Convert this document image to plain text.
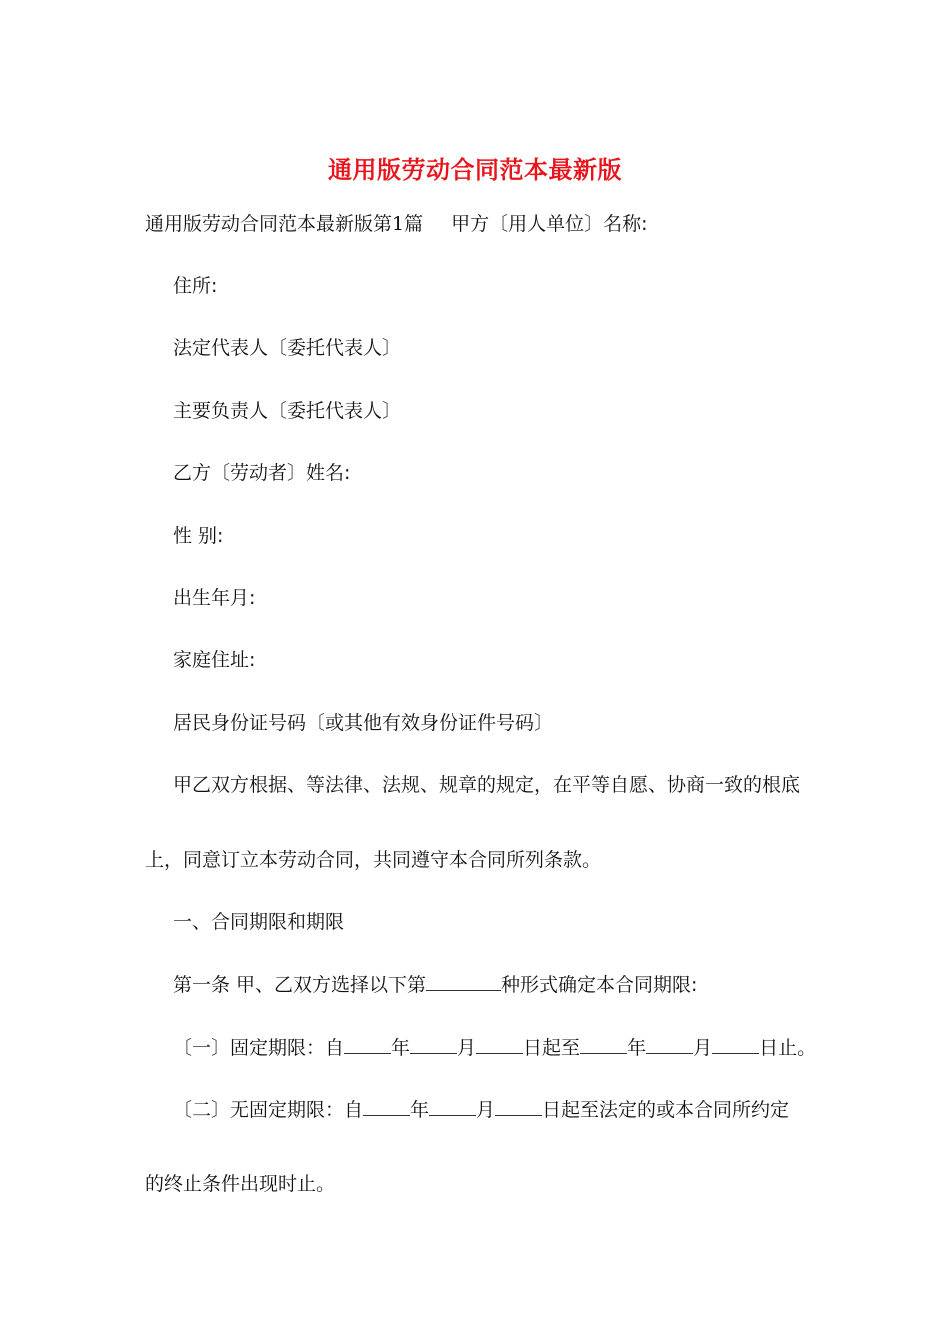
通用版劳动合同范本最新版
通用版劳动合同范本最新版第1篇 甲方〔用人单位〕名称:
住所:
法定代表人〔委托代表人〕
主要负责人〔委托代表人〕
乙方〔劳动者〕姓名:
性 别:
出生年月:
家庭住址:
居民身份证号码〔或其他有效身份证件号码〕
甲乙双方根据、等法律、法规、规章的规定，在平等自愿、协商一致的根底
上，同意订立本劳动合同，共同遵守本合同所列条款。
一、合同期限和期限
第一条 甲、乙双方选择以下第	种形式确定本合同期限:
〔一〕固定期限：自 年 月 日起至 年 月 日止。
〔二〕无固定期限：自 年 月 日起至法定的或本合同所约定
的终止条件出现时止。
